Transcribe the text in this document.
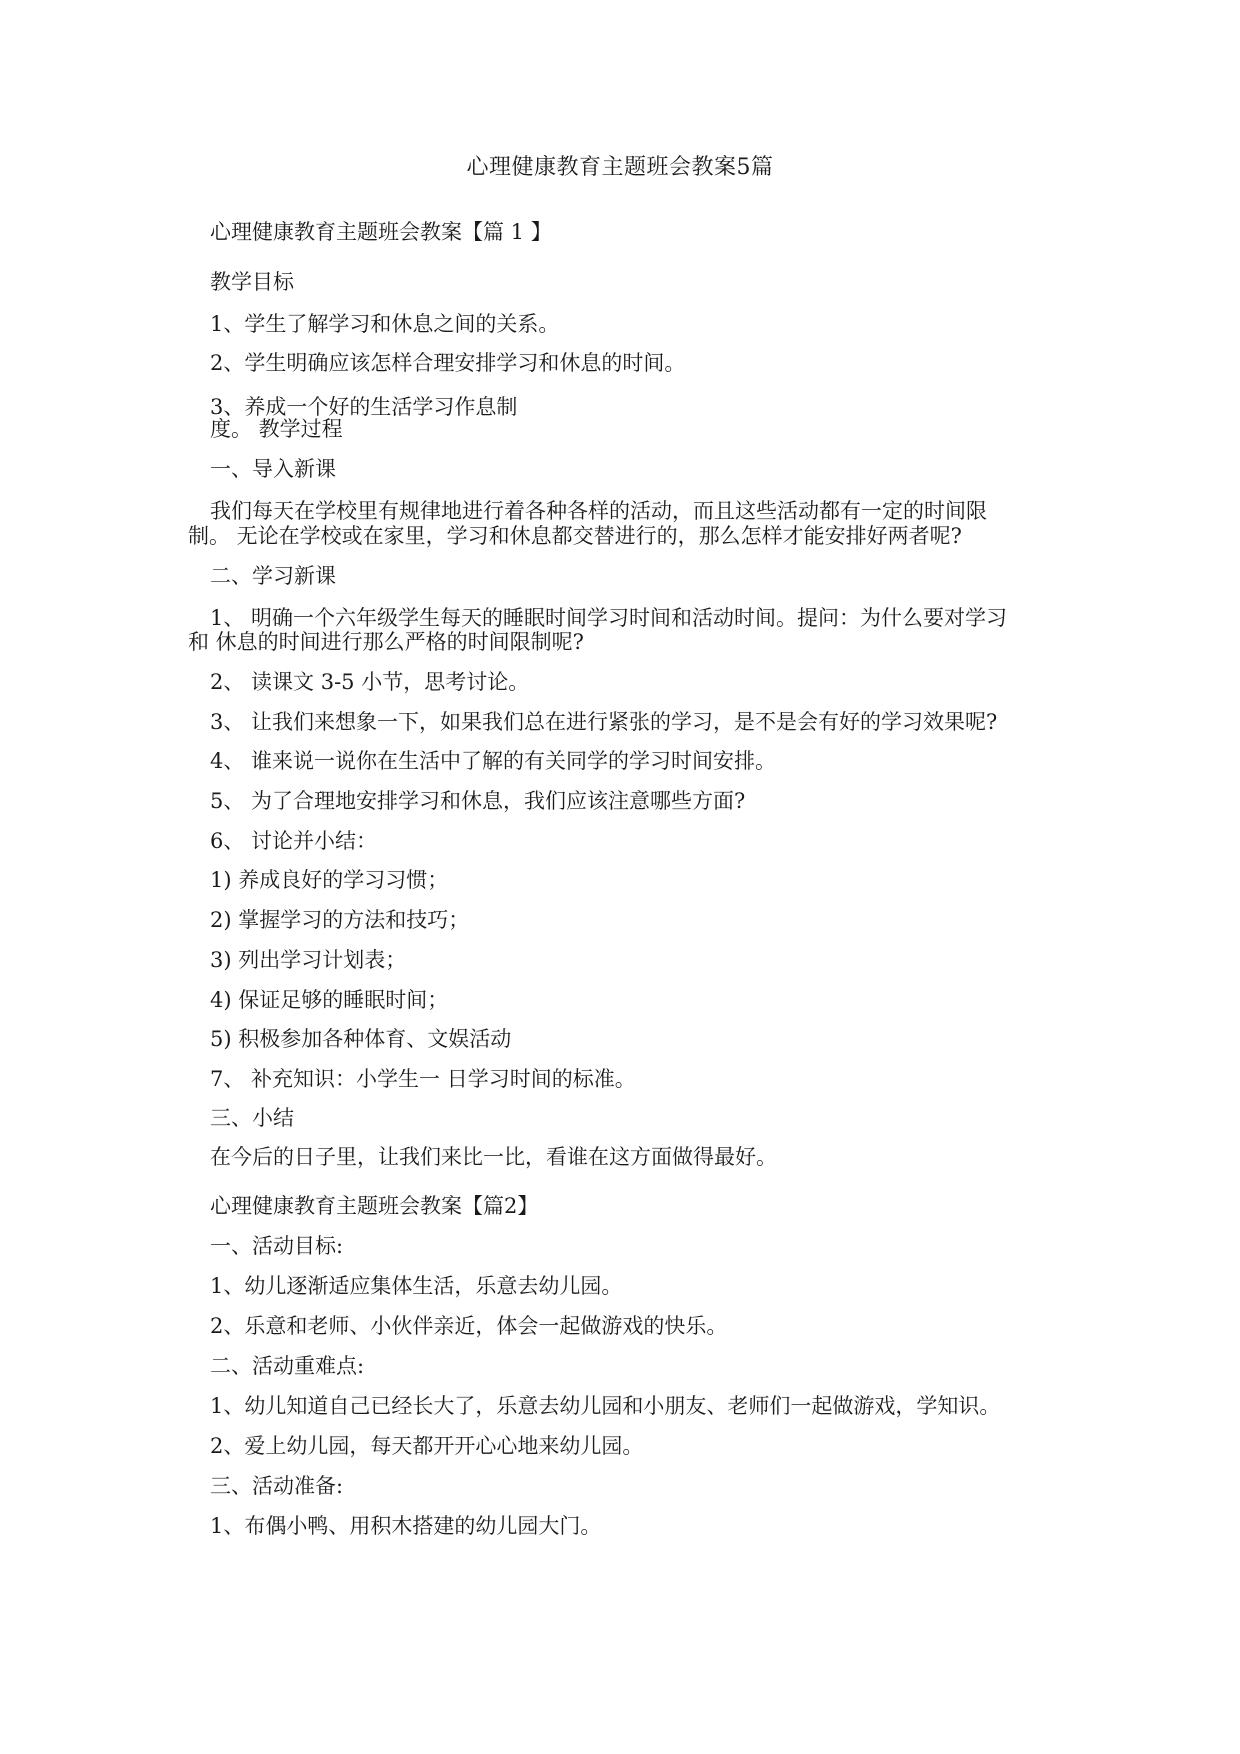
心理健康教育主题班会教案5篇
心理健康教育主题班会教案【篇 1 】
教学目标
1、学生了解学习和休息之间的关系。
2、学生明确应该怎样合理安排学习和休息的时间。
3、养成一个好的生活学习作息制
度。 教学过程
一、导入新课
我们每天在学校里有规律地进行着各种各样的活动，而且这些活动都有一定的时间限
制。 无论在学校或在家里，学习和休息都交替进行的，那么怎样才能安排好两者呢?
二、学习新课
1、 明确一个六年级学生每天的睡眠时间学习时间和活动时间。提问：为什么要对学习
和 休息的时间进行那么严格的时间限制呢?
2、 读课文 3-5 小节，思考讨论。
3、 让我们来想象一下，如果我们总在进行紧张的学习，是不是会有好的学习效果呢?
4、 谁来说一说你在生活中了解的有关同学的学习时间安排。
5、 为了合理地安排学习和休息，我们应该注意哪些方面?
6、 讨论并小结：
1) 养成良好的学习习惯；
2) 掌握学习的方法和技巧；
3) 列出学习计划表；
4) 保证足够的睡眠时间；
5) 积极参加各种体育、文娱活动
7、 补充知识：小学生一 日学习时间的标准。
三、小结
在今后的日子里，让我们来比一比，看谁在这方面做得最好。
心理健康教育主题班会教案【篇2】
一、活动目标:
1、幼儿逐渐适应集体生活，乐意去幼儿园。
2、乐意和老师、小伙伴亲近，体会一起做游戏的快乐。
二、活动重难点:
1、幼儿知道自己已经长大了，乐意去幼儿园和小朋友、老师们一起做游戏，学知识。
2、爱上幼儿园，每天都开开心心地来幼儿园。
三、活动准备:
1、布偶小鸭、用积木搭建的幼儿园大门。
